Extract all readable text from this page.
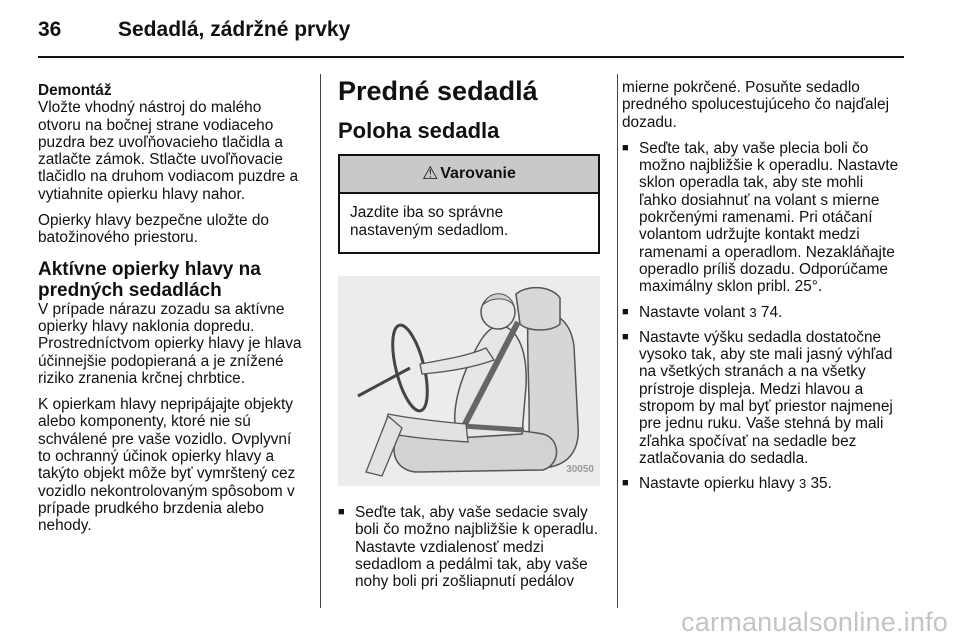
36	Sedadlá, zádržné prvky
Demontáž

Vložte vhodný nástroj do malého otvoru na bočnej strane vodiaceho puzdra bez uvoľňovacieho tlačidla a zatlačte zámok. Stlačte uvoľňovacie tlačidlo na druhom vodiacom puzdre a vytiahnite opierku hlavy nahor.

Opierky hlavy bezpečne uložte do batožinového priestoru.

Aktívne opierky hlavy na predných sedadlách

V prípade nárazu zozadu sa aktívne opierky hlavy naklonia dopredu. Prostredníctvom opierky hlavy je hlava účinnejšie podopieraná a je znížené riziko zranenia krčnej chrbtice.

K opierkam hlavy nepripájajte objekty alebo komponenty, ktoré nie sú schválené pre vaše vozidlo. Ovplyvní to ochranný účinok opierky hlavy a takýto objekt môže byť vymrštený cez vozidlo nekontrolovaným spôsobom v prípade prudkého brzdenia alebo nehody.

Predné sedadlá
Poloha sedadla
⚠ Varovanie
Jazdite iba so správne nastaveným sedadlom.
30050
■ Seďte tak, aby vaše sedacie svaly boli čo možno najbližšie k operadlu. Nastavte vzdialenosť medzi sedadlom a pedálmi tak, aby vaše nohy boli pri zošliapnutí pedálov

mierne pokrčené. Posuňte sedadlo predného spolucestujúceho čo najďalej dozadu.

■ Seďte tak, aby vaše plecia boli čo možno najbližšie k operadlu. Nastavte sklon operadla tak, aby ste mohli ľahko dosiahnuť na volant s mierne pokrčenými ramenami. Pri otáčaní volantom udržujte kontakt medzi ramenami a operadlom. Nezakláňajte operadlo príliš dozadu. Odporúčame maximálny sklon pribl. 25°.
■ Nastavte volant 3 74.
■ Nastavte výšku sedadla dostatočne vysoko tak, aby ste mali jasný výhľad na všetkých stranách a na všetky prístroje displeja. Medzi hlavou a stropom by mal byť priestor najmenej pre jednu ruku. Vaše stehná by mali zľahka spočívať na sedadle bez zatlačovania do sedadla.
■ Nastavte opierku hlavy 3 35.
carmanualsonline.info
